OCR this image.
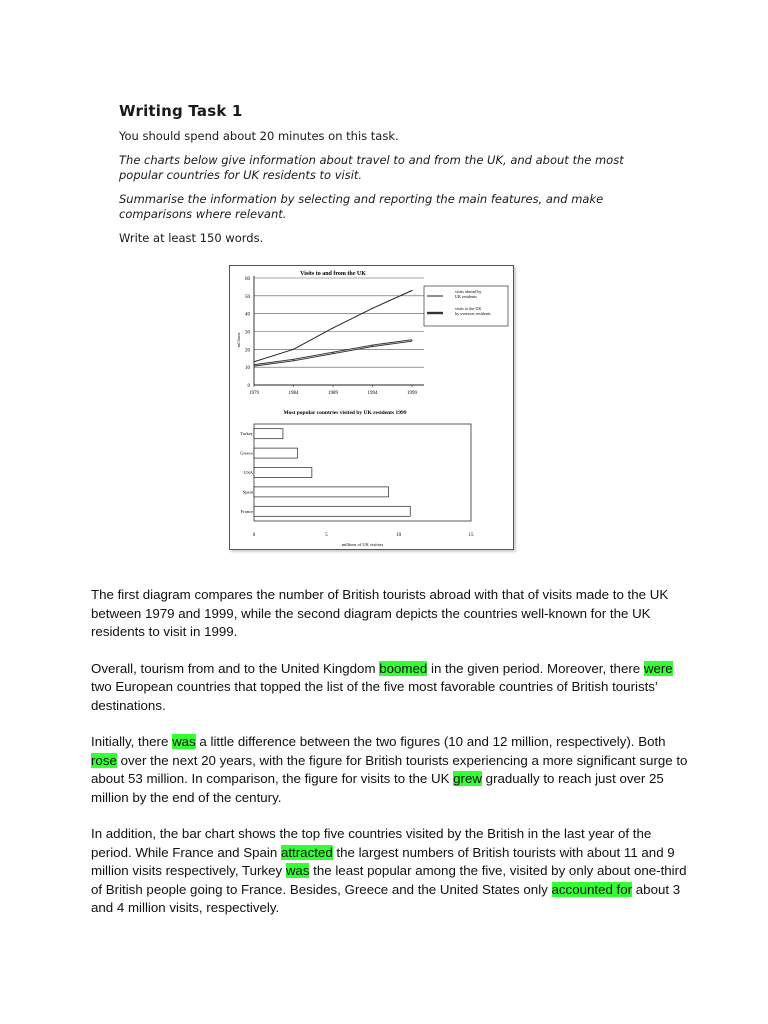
Writing Task 1
You should spend about 20 minutes on this task.
The charts below give information about travel to and from the UK, and about the most popular countries for UK residents to visit.
Summarise the information by selecting and reporting the main features, and make comparisons where relevant.
Write at least 150 words.
Visits to and from the UK
0
10
20
30
40
50
60
millions
1979	1984	1989	1994	1999
visits abroad by UK residents
visits to the UK by overseas residents
Most popular countries visited by UK residents 1999
Turkey
Greece
USA
Spain
France
0	5	10	15
millions of UK visitors

The first diagram compares the number of British tourists abroad with that of visits made to the UK between 1979 and 1999, while the second diagram depicts the countries well-known for the UK residents to visit in 1999.

Overall, tourism from and to the United Kingdom boomed in the given period. Moreover, there were two European countries that topped the list of the five most favorable countries of British tourists’ destinations.

Initially, there was a little difference between the two figures (10 and 12 million, respectively). Both rose over the next 20 years, with the figure for British tourists experiencing a more significant surge to about 53 million. In comparison, the figure for visits to the UK grew gradually to reach just over 25 million by the end of the century.

In addition, the bar chart shows the top five countries visited by the British in the last year of the period. While France and Spain attracted the largest numbers of British tourists with about 11 and 9 million visits respectively, Turkey was the least popular among the five, visited by only about one-third of British people going to France. Besides, Greece and the United States only accounted for about 3 and 4 million visits, respectively.
